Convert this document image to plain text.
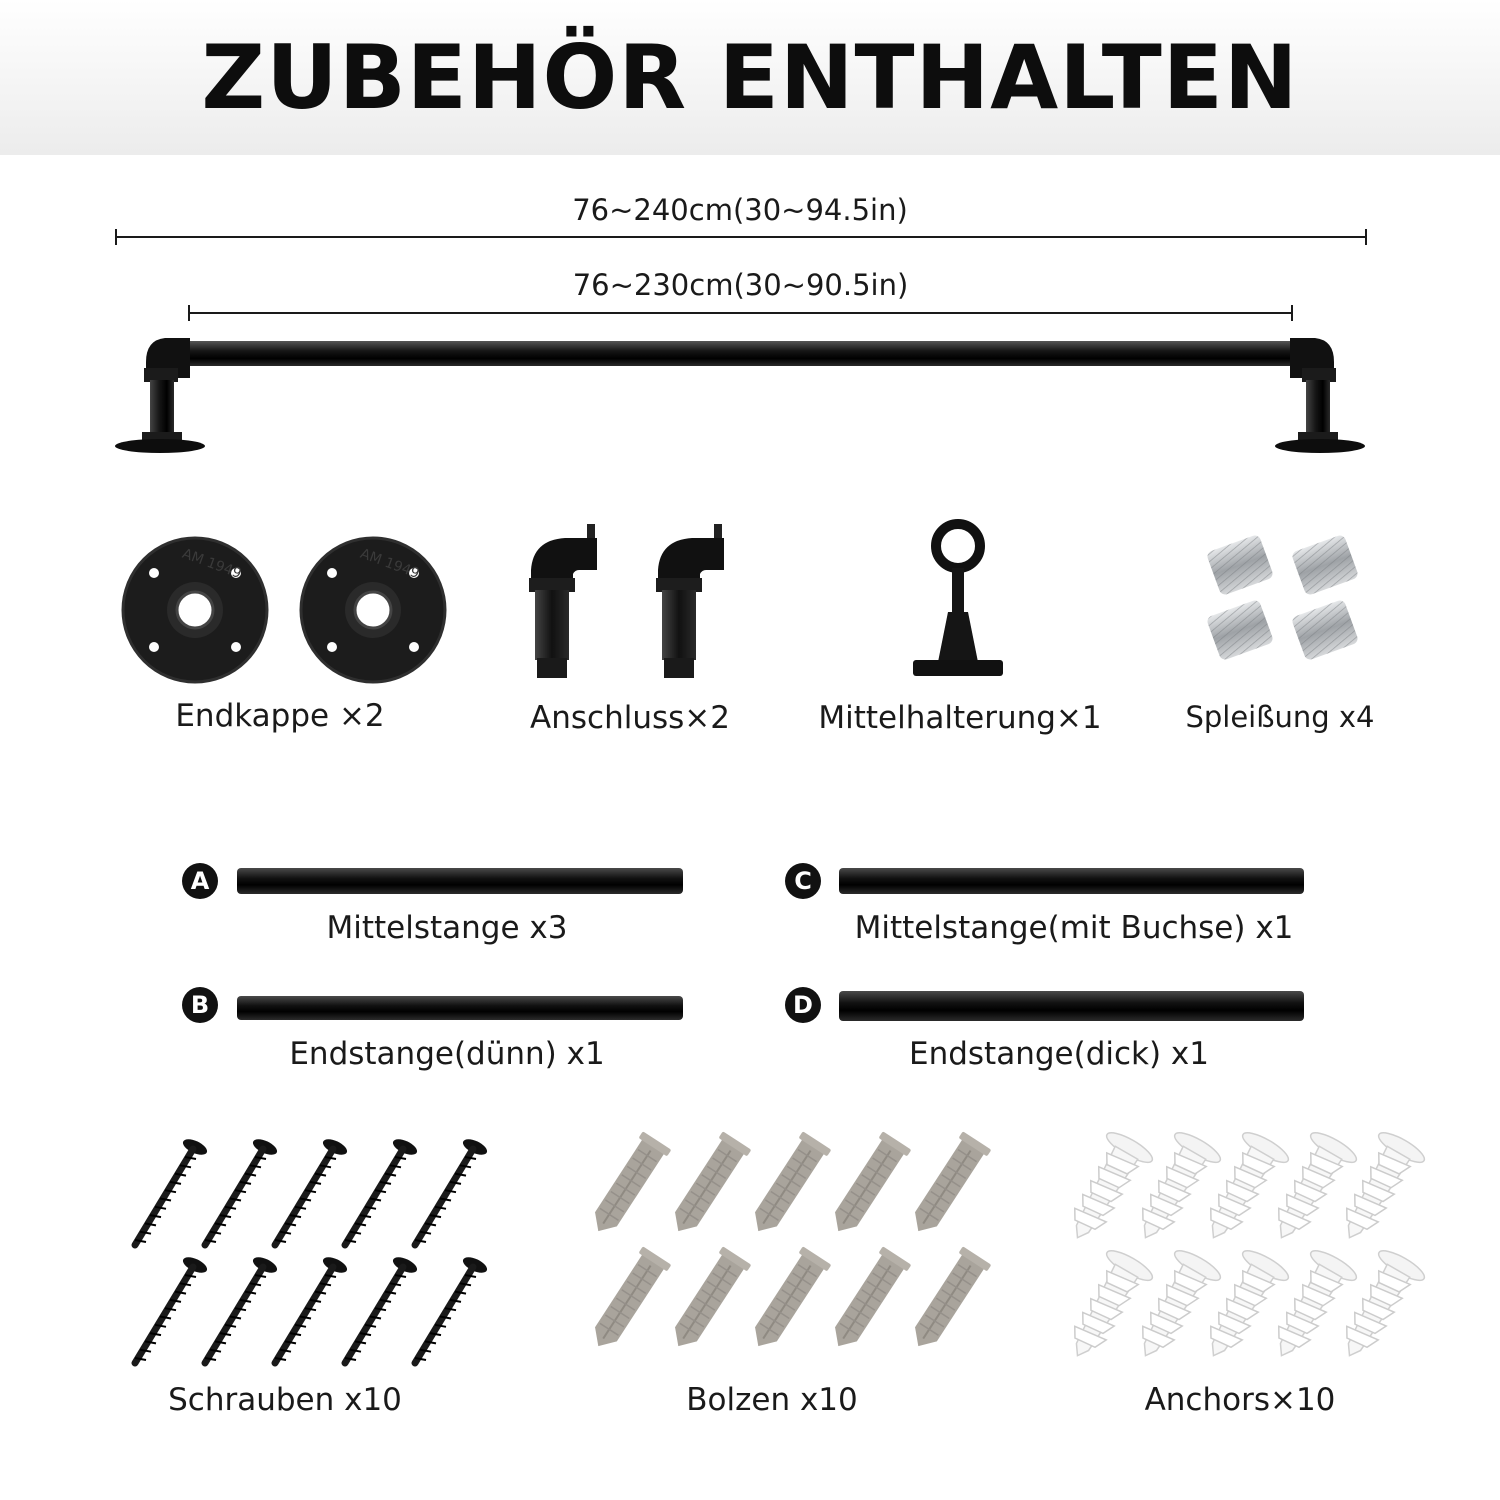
ZUBEHÖR ENTHALTEN
76~240cm(30~94.5in)
76~230cm(30~90.5in)
AM 1949	AM 1949
Endkappe ×2	Anschluss×2	Mittelhalterung×1	Spleißung x4
A
Mittelstange x3
C
Mittelstange(mit Buchse) x1
B
Endstange(dünn) x1
D
Endstange(dick) x1
Schrauben x10	Bolzen x10	Anchors×10
